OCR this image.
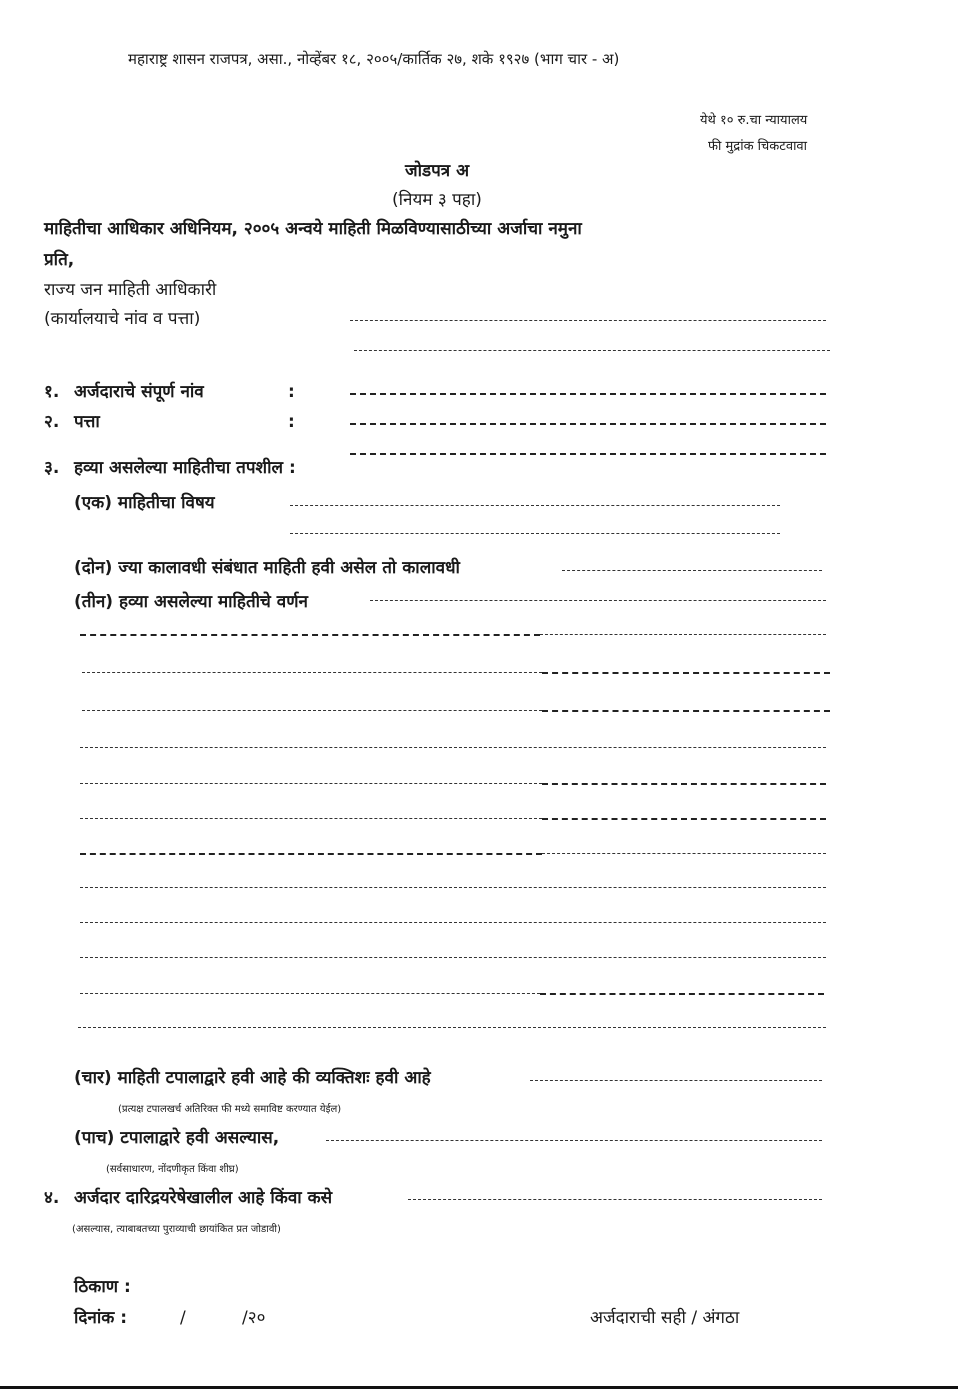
महाराष्ट्र शासन राजपत्र, असा., नोव्हेंबर १८, २००५/कार्तिक २७, शके १९२७ (भाग चार - अ)
येथे १० रु.चा न्यायालय
फी मुद्रांक चिकटवावा
जोडपत्र अ
(नियम ३ पहा)
माहितीचा आधिकार अधिनियम, २००५ अन्वये माहिती मिळविण्यासाठीच्या अर्जाचा नमुना
प्रति,
राज्य जन माहिती आधिकारी
(कार्यालयाचे नांव व पत्ता)
१. अर्जदाराचे संपूर्ण नांव	:
२. पत्ता	:
३. हव्या असलेल्या माहितीचा तपशील :
(एक) माहितीचा विषय
(दोन) ज्या कालावधी संबंधात माहिती हवी असेल तो कालावधी
(तीन) हव्या असलेल्या माहितीचे वर्णन
(चार) माहिती टपालाद्वारे हवी आहे की व्यक्तिशः हवी आहे
(प्रत्यक्ष टपालखर्च अतिरिक्त फी मध्ये समाविष्ट करण्यात येईल)
(पाच) टपालाद्वारे हवी असल्यास,
(सर्वसाधारण, नोंदणीकृत किंवा शीघ्र)
४. अर्जदार दारिद्रयरेषेखालील आहे किंवा कसे
(असल्यास, त्याबाबतच्या पुराव्याची छायांकित प्रत जोडावी)
ठिकाण :
दिनांक :	/	/२०	अर्जदाराची सही / अंगठा
